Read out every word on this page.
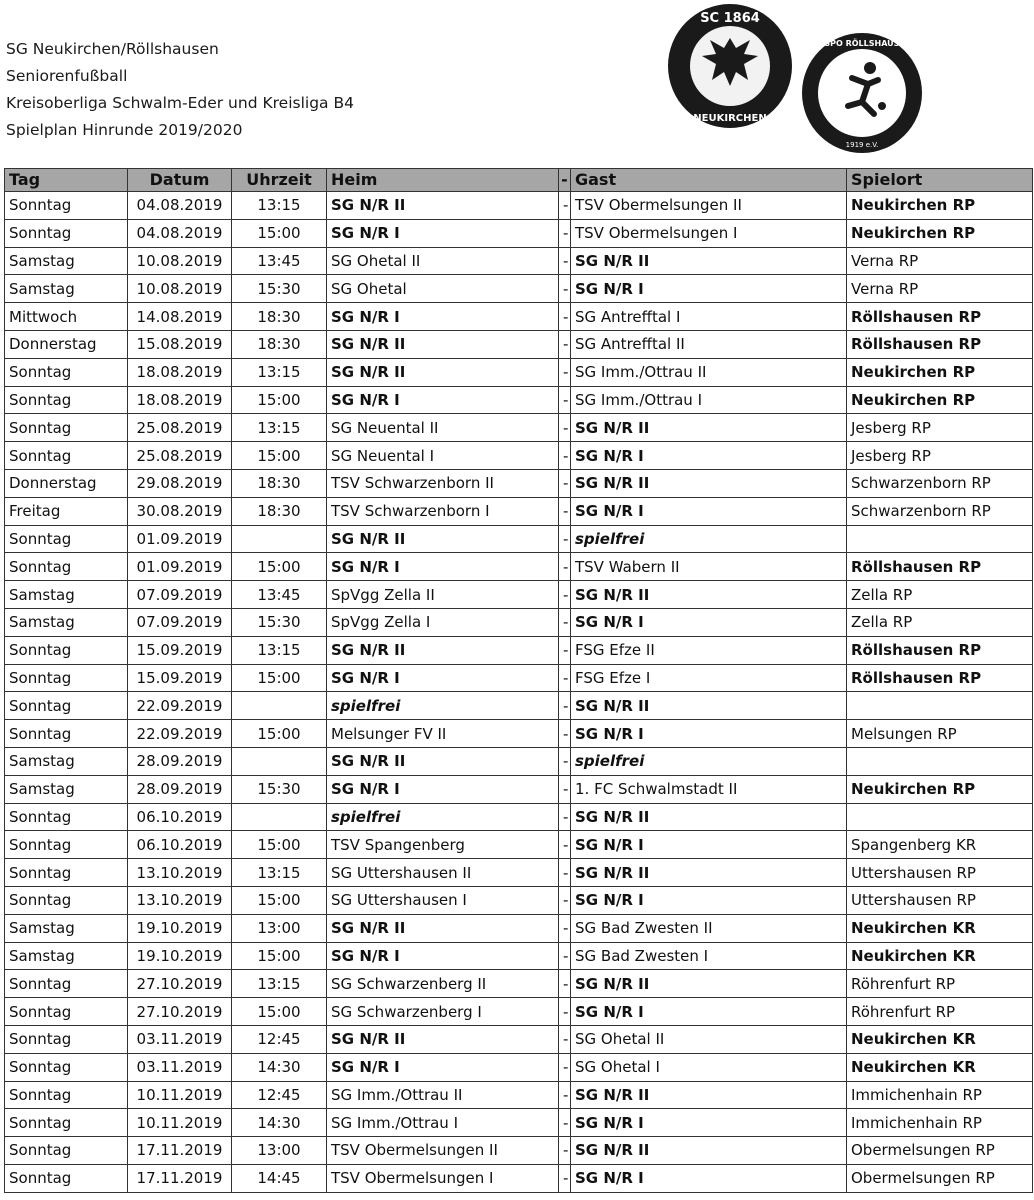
SG Neukirchen/Röllshausen
Seniorenfußball
Kreisoberliga Schwalm-Eder und Kreisliga B4
Spielplan Hinrunde 2019/2020
SC 1864
NEUKIRCHEN
TUSPO RÖLLSHAUSEN
1919 e.V.
Tag	Datum	Uhrzeit	Heim	-	Gast	Spielort
Sonntag	04.08.2019	13:15	SG N/R II	-	TSV Obermelsungen II	Neukirchen RP
Sonntag	04.08.2019	15:00	SG N/R I	-	TSV Obermelsungen I	Neukirchen RP
Samstag	10.08.2019	13:45	SG Ohetal II	-	SG N/R II	Verna RP
Samstag	10.08.2019	15:30	SG Ohetal	-	SG N/R I	Verna RP
Mittwoch	14.08.2019	18:30	SG N/R I	-	SG Antrefftal I	Röllshausen RP
Donnerstag	15.08.2019	18:30	SG N/R II	-	SG Antrefftal II	Röllshausen RP
Sonntag	18.08.2019	13:15	SG N/R II	-	SG Imm./Ottrau II	Neukirchen RP
Sonntag	18.08.2019	15:00	SG N/R I	-	SG Imm./Ottrau I	Neukirchen RP
Sonntag	25.08.2019	13:15	SG Neuental II	-	SG N/R II	Jesberg RP
Sonntag	25.08.2019	15:00	SG Neuental I	-	SG N/R I	Jesberg RP
Donnerstag	29.08.2019	18:30	TSV Schwarzenborn II	-	SG N/R II	Schwarzenborn RP
Freitag	30.08.2019	18:30	TSV Schwarzenborn I	-	SG N/R I	Schwarzenborn RP
Sonntag	01.09.2019		SG N/R II	-	spielfrei	
Sonntag	01.09.2019	15:00	SG N/R I	-	TSV Wabern II	Röllshausen RP
Samstag	07.09.2019	13:45	SpVgg Zella II	-	SG N/R II	Zella RP
Samstag	07.09.2019	15:30	SpVgg Zella I	-	SG N/R I	Zella RP
Sonntag	15.09.2019	13:15	SG N/R II	-	FSG Efze II	Röllshausen RP
Sonntag	15.09.2019	15:00	SG N/R I	-	FSG Efze I	Röllshausen RP
Sonntag	22.09.2019		spielfrei	-	SG N/R II	
Sonntag	22.09.2019	15:00	Melsunger FV II	-	SG N/R I	Melsungen RP
Samstag	28.09.2019		SG N/R II	-	spielfrei	
Samstag	28.09.2019	15:30	SG N/R I	-	1. FC Schwalmstadt II	Neukirchen RP
Sonntag	06.10.2019		spielfrei	-	SG N/R II	
Sonntag	06.10.2019	15:00	TSV Spangenberg	-	SG N/R I	Spangenberg KR
Sonntag	13.10.2019	13:15	SG Uttershausen II	-	SG N/R II	Uttershausen RP
Sonntag	13.10.2019	15:00	SG Uttershausen I	-	SG N/R I	Uttershausen RP
Samstag	19.10.2019	13:00	SG N/R II	-	SG Bad Zwesten II	Neukirchen KR
Samstag	19.10.2019	15:00	SG N/R I	-	SG Bad Zwesten I	Neukirchen KR
Sonntag	27.10.2019	13:15	SG Schwarzenberg II	-	SG N/R II	Röhrenfurt RP
Sonntag	27.10.2019	15:00	SG Schwarzenberg I	-	SG N/R I	Röhrenfurt RP
Sonntag	03.11.2019	12:45	SG N/R II	-	SG Ohetal II	Neukirchen KR
Sonntag	03.11.2019	14:30	SG N/R I	-	SG Ohetal I	Neukirchen KR
Sonntag	10.11.2019	12:45	SG Imm./Ottrau II	-	SG N/R II	Immichenhain RP
Sonntag	10.11.2019	14:30	SG Imm./Ottrau I	-	SG N/R I	Immichenhain RP
Sonntag	17.11.2019	13:00	TSV Obermelsungen II	-	SG N/R II	Obermelsungen RP
Sonntag	17.11.2019	14:45	TSV Obermelsungen I	-	SG N/R I	Obermelsungen RP
